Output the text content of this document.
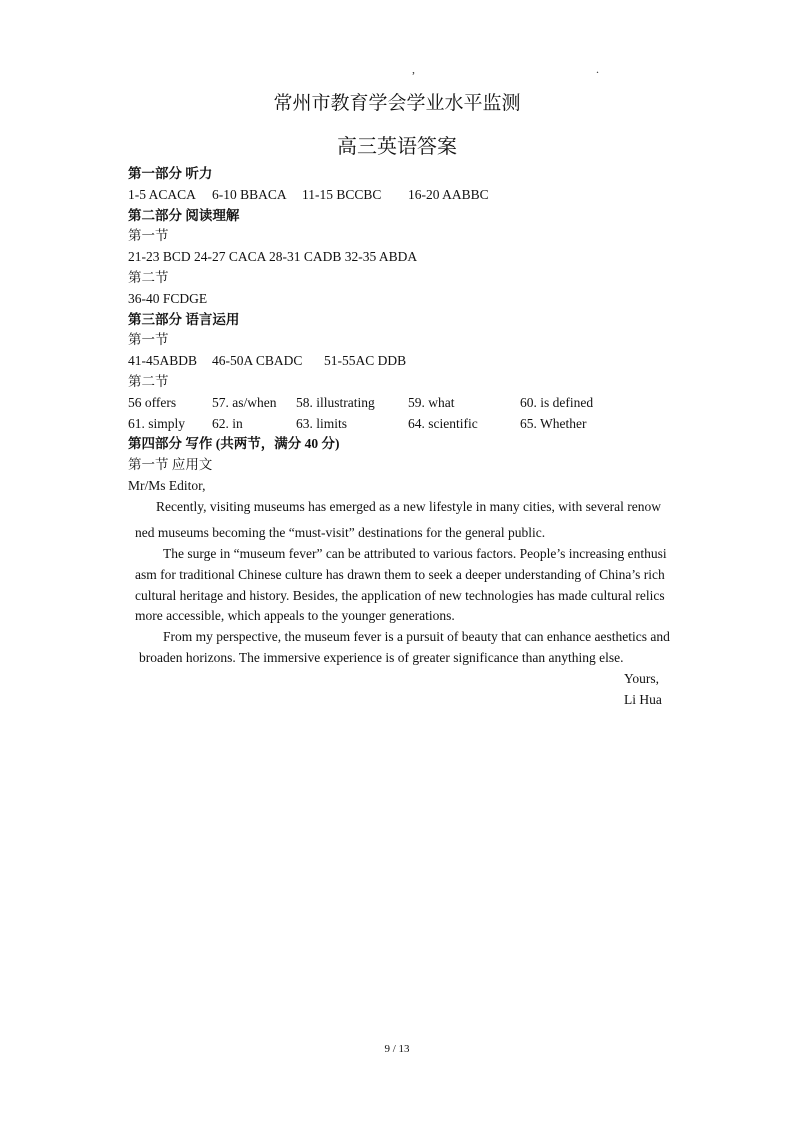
,	.
常州市教育学会学业水平监测
高三英语答案
第一部分 听力
1-5 ACACA 6-10 BBACA 11-15 BCCBC 16-20 AABBC
第二部分 阅读理解
第一节
21-23 BCD 24-27 CACA 28-31 CADB 32-35 ABDA
第二节
36-40 FCDGE
第三部分 语言运用
第一节
41-45ABDB 46-50A CBADC 51-55AC DDB
第二节
56 offers	57. as/when 58. illustrating 59. what	60. is defined
61. simply 62. in	63. limits	64. scientific	65. Whether
第四部分 写作 (共两节，满分 40 分)
第一节 应用文
Mr/Ms Editor,
Recently, visiting museums has emerged as a new lifestyle in many cities, with several renow
ned museums becoming the “must-visit” destinations for the general public.
The surge in “museum fever” can be attributed to various factors. People’s increasing enthusi
asm for traditional Chinese culture has drawn them to seek a deeper understanding of China’s rich
cultural heritage and history. Besides, the application of new technologies has made cultural relics
more accessible, which appeals to the younger generations.
From my perspective, the museum fever is a pursuit of beauty that can enhance aesthetics and
broaden horizons. The immersive experience is of greater significance than anything else.
Yours,
Li Hua
9 / 13
